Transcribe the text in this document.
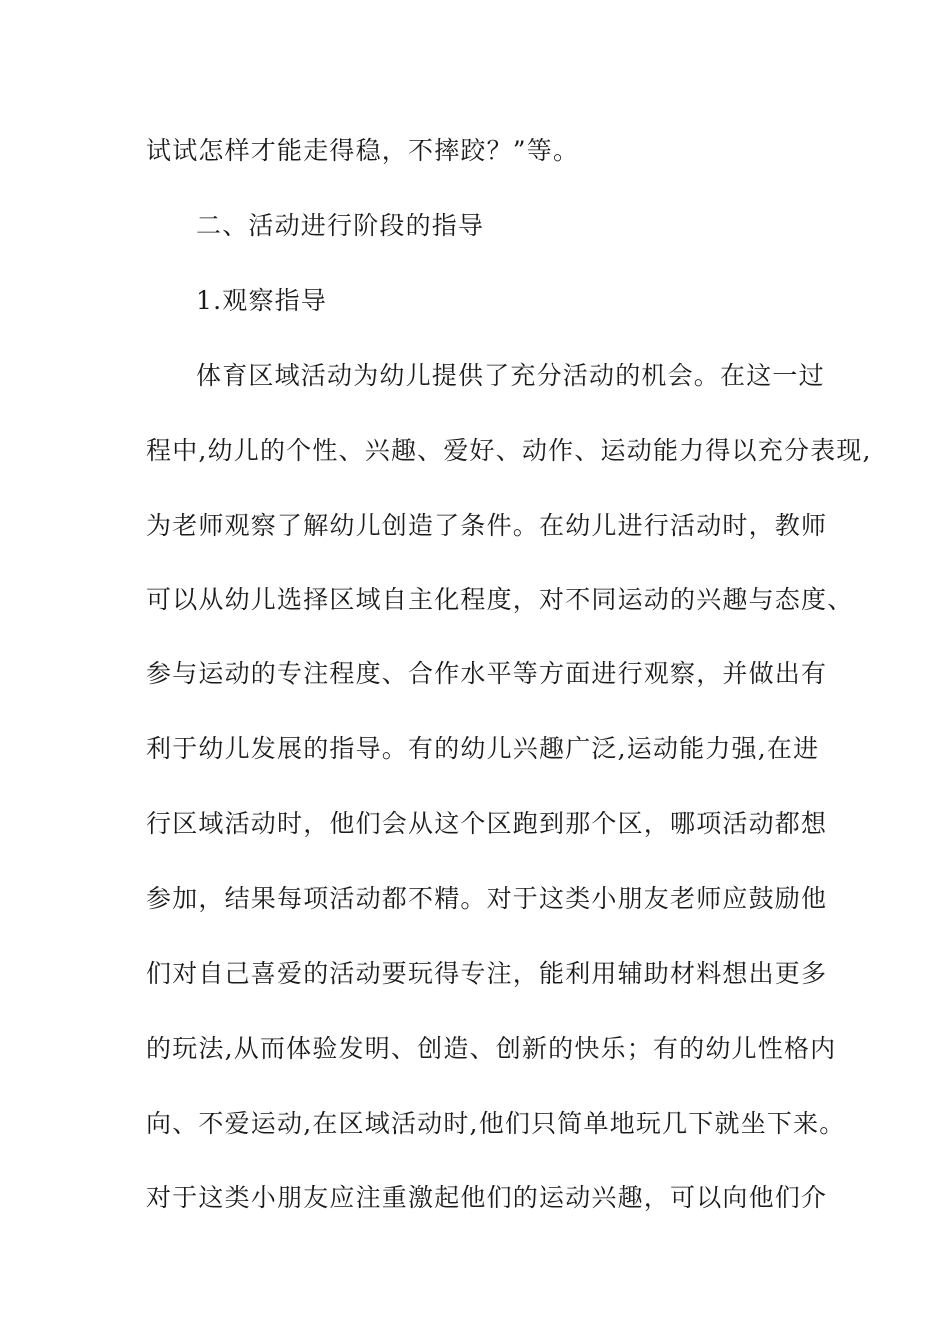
试试怎样才能走得稳，不摔跤？”等。
二、活动进行阶段的指导
1.观察指导
体育区域活动为幼儿提供了充分活动的机会。在这一过
程中,幼儿的个性、兴趣、爱好、动作、运动能力得以充分表现,
为老师观察了解幼儿创造了条件。在幼儿进行活动时，教师
可以从幼儿选择区域自主化程度，对不同运动的兴趣与态度、
参与运动的专注程度、合作水平等方面进行观察，并做出有
利于幼儿发展的指导。有的幼儿兴趣广泛,运动能力强,在进
行区域活动时，他们会从这个区跑到那个区，哪项活动都想
参加，结果每项活动都不精。对于这类小朋友老师应鼓励他
们对自己喜爱的活动要玩得专注，能利用辅助材料想出更多
的玩法,从而体验发明、创造、创新的快乐；有的幼儿性格内
向、不爱运动,在区域活动时,他们只简单地玩几下就坐下来。
对于这类小朋友应注重激起他们的运动兴趣，可以向他们介
